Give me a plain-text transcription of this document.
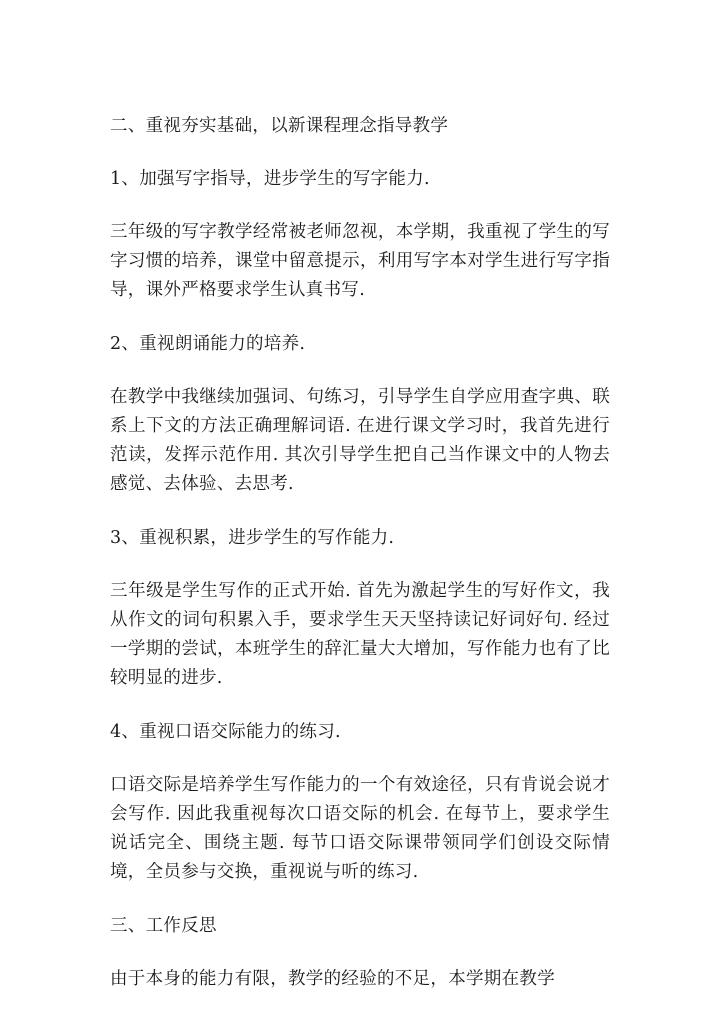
二、重视夯实基础，以新课程理念指导教学

1、加强写字指导，进步学生的写字能力.

三年级的写字教学经常被老师忽视，本学期，我重视了学生的写字习惯的培养，课堂中留意提示，利用写字本对学生进行写字指导，课外严格要求学生认真书写.

2、重视朗诵能力的培养.

在教学中我继续加强词、句练习，引导学生自学应用查字典、联系上下文的方法正确理解词语. 在进行课文学习时，我首先进行范读，发挥示范作用. 其次引导学生把自己当作课文中的人物去感觉、去体验、去思考.

3、重视积累，进步学生的写作能力.

三年级是学生写作的正式开始. 首先为激起学生的写好作文，我从作文的词句积累入手，要求学生天天坚持读记好词好句. 经过一学期的尝试，本班学生的辞汇量大大增加，写作能力也有了比较明显的进步.

4、重视口语交际能力的练习.

口语交际是培养学生写作能力的一个有效途径，只有肯说会说才会写作. 因此我重视每次口语交际的机会. 在每节上，要求学生说话完全、围绕主题. 每节口语交际课带领同学们创设交际情境，全员参与交换，重视说与听的练习.

三、工作反思

由于本身的能力有限，教学的经验的不足，本学期在教学
